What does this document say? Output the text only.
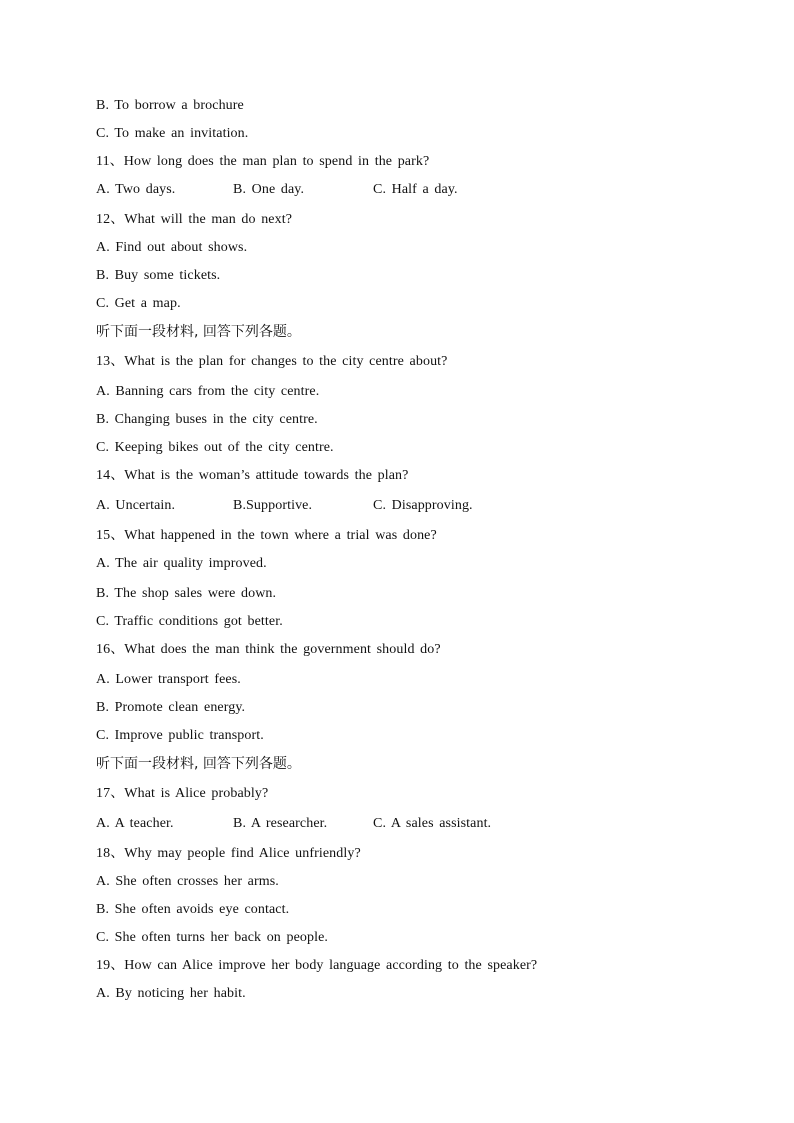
B. To borrow a brochure
C. To make an invitation.
11、How long does the man plan to spend in the park?
A. Two days.	B. One day.	C. Half a day.
12、What will the man do next?
A. Find out about shows.
B. Buy some tickets.
C. Get a map.
听下面一段材料, 回答下列各题。
13、What is the plan for changes to the city centre about?
A. Banning cars from the city centre.
B. Changing buses in the city centre.
C. Keeping bikes out of the city centre.
14、What is the woman’s attitude towards the plan?
A. Uncertain.	B.Supportive.	C. Disapproving.
15、What happened in the town where a trial was done?
A. The air quality improved.
B. The shop sales were down.
C. Traffic conditions got better.
16、What does the man think the government should do?
A. Lower transport fees.
B. Promote clean energy.
C. Improve public transport.
听下面一段材料, 回答下列各题。
17、What is Alice probably?
A. A teacher.	B. A researcher.	C. A sales assistant.
18、Why may people find Alice unfriendly?
A. She often crosses her arms.
B. She often avoids eye contact.
C. She often turns her back on people.
19、How can Alice improve her body language according to the speaker?
A. By noticing her habit.
